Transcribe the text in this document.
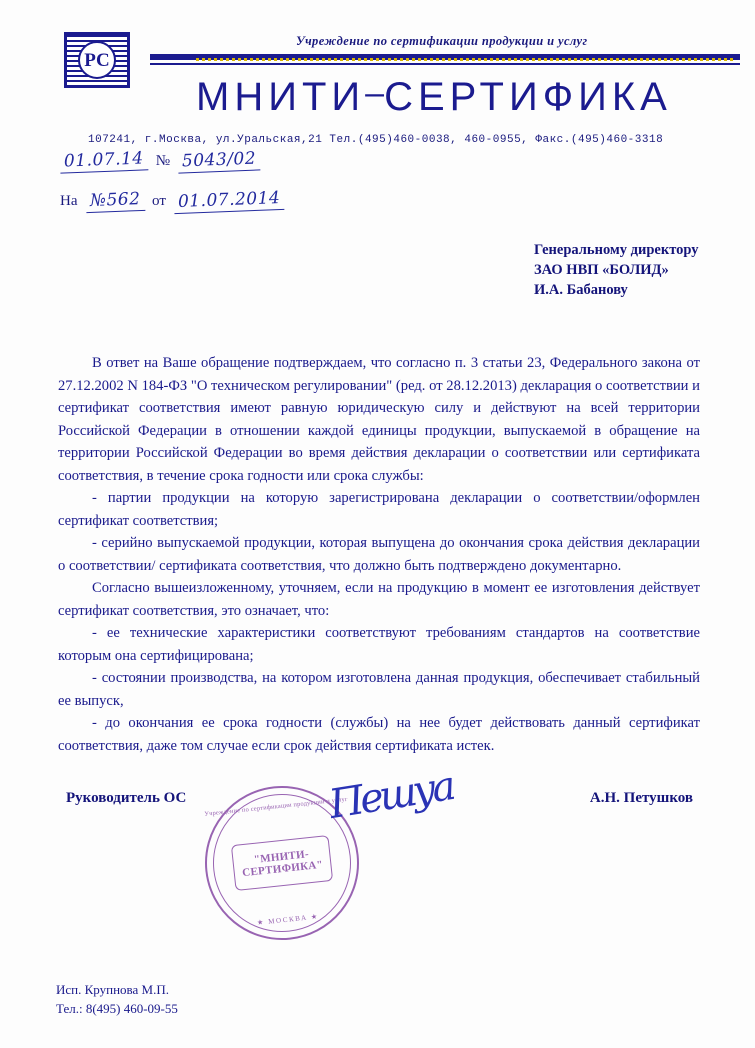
РС
Учреждение по сертификации продукции и услуг
МНИТИ–СЕРТИФИКА
107241, г.Москва, ул.Уральская,21 Тел.(495)460-0038, 460-0955, Факс.(495)460-3318
01.07.14 № 5043/02
На №562 от 01.07.2014
Генеральному директору
ЗАО НВП «БОЛИД»
И.А. Бабанову

В ответ на Ваше обращение подтверждаем, что согласно п. 3 статьи 23, Федерального закона от 27.12.2002 N 184-ФЗ "О техническом регулировании" (ред. от 28.12.2013) декларация о соответствии и сертификат соответствия имеют равную юридическую силу и действуют на всей территории Российской Федерации в отношении каждой единицы продукции, выпускаемой в обращение на территории Российской Федерации во время действия декларации о соответствии или сертификата соответствия, в течение срока годности или срока службы:

- партии продукции на которую зарегистрирована декларации о соответствии/оформлен сертификат соответствия;

- серийно выпускаемой продукции, которая выпущена до окончания срока действия декларации о соответствии/ сертификата соответствия, что должно быть подтверждено документарно.

Согласно вышеизложенному, уточняем, если на продукцию в момент ее изготовления действует сертификат соответствия, это означает, что:

- ее технические характеристики соответствуют требованиям стандартов на соответствие которым она сертифицирована;

- состоянии производства, на котором изготовлена данная продукция, обеспечивает стабильный ее выпуск,

- до окончания ее срока годности (службы) на нее будет действовать данный сертификат соответствия, даже том случае если срок действия сертификата истек.

Руководитель ОС	А.Н. Петушков
Учреждение по сертификации продукции и услуг
"МНИТИ-СЕРТИФИКА"
★ МОСКВА ★
Пешуа
Исп. Крупнова М.П.
Тел.: 8(495) 460-09-55
